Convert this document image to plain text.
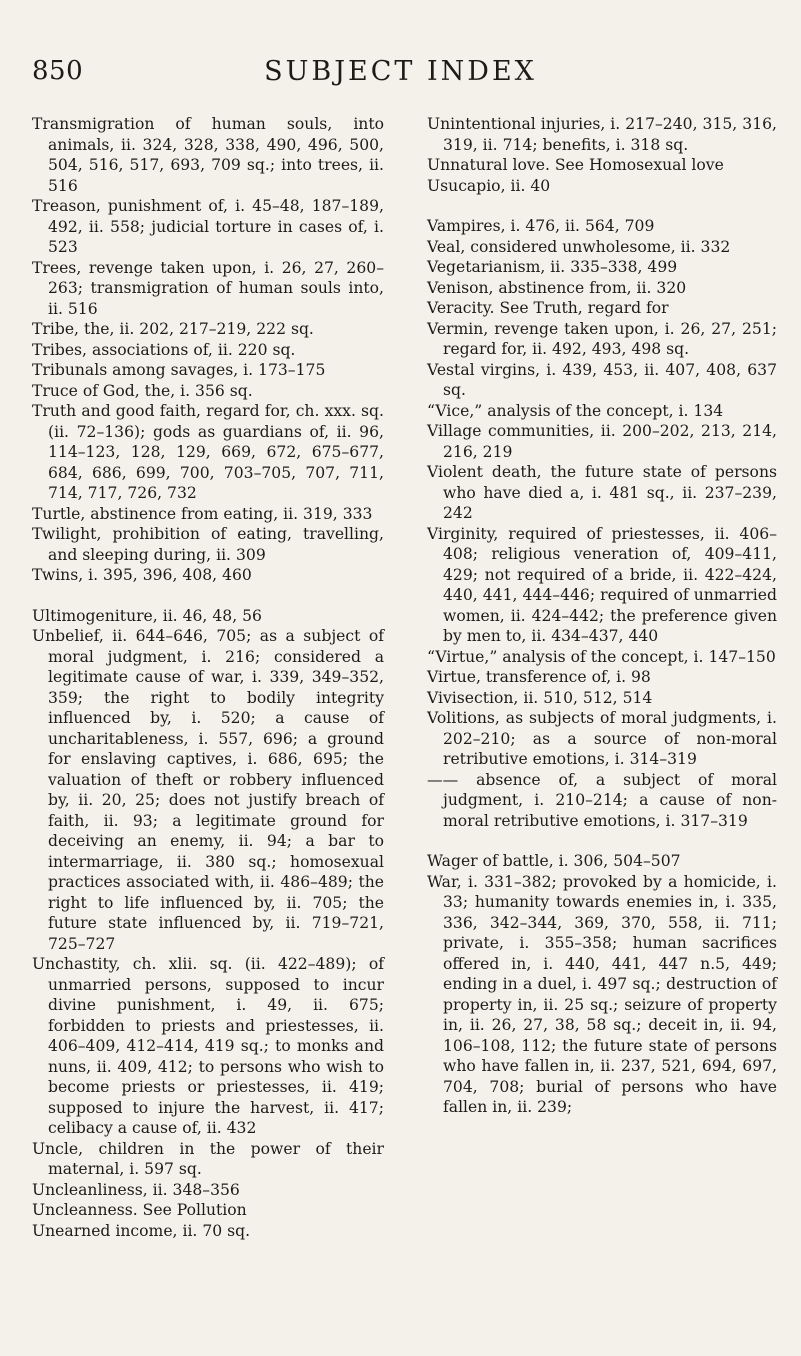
850	SUBJECT INDEX

Transmigration of human souls, into animals, ii. 324, 328, 338, 490, 496, 500, 504, 516, 517, 693, 709 sq.; into trees, ii. 516

Treason, punishment of, i. 45–48, 187–189, 492, ii. 558; judicial torture in cases of, i. 523

Trees, revenge taken upon, i. 26, 27, 260–263; transmigration of human souls into, ii. 516

Tribe, the, ii. 202, 217–219, 222 sq.

Tribes, associations of, ii. 220 sq.

Tribunals among savages, i. 173–175

Truce of God, the, i. 356 sq.

Truth and good faith, regard for, ch. xxx. sq. (ii. 72–136); gods as guardians of, ii. 96, 114–123, 128, 129, 669, 672, 675–677, 684, 686, 699, 700, 703–705, 707, 711, 714, 717, 726, 732

Turtle, abstinence from eating, ii. 319, 333

Twilight, prohibition of eating, travelling, and sleeping during, ii. 309

Twins, i. 395, 396, 408, 460

Ultimogeniture, ii. 46, 48, 56

Unbelief, ii. 644–646, 705; as a subject of moral judgment, i. 216; considered a legitimate cause of war, i. 339, 349–352, 359; the right to bodily integrity influenced by, i. 520; a cause of uncharitableness, i. 557, 696; a ground for enslaving captives, i. 686, 695; the valuation of theft or robbery influenced by, ii. 20, 25; does not justify breach of faith, ii. 93; a legitimate ground for deceiving an enemy, ii. 94; a bar to intermarriage, ii. 380 sq.; homosexual practices associated with, ii. 486–489; the right to life influenced by, ii. 705; the future state influenced by, ii. 719–721, 725–727

Unchastity, ch. xlii. sq. (ii. 422–489); of unmarried persons, supposed to incur divine punishment, i. 49, ii. 675; forbidden to priests and priestesses, ii. 406–409, 412–414, 419 sq.; to monks and nuns, ii. 409, 412; to persons who wish to become priests or priestesses, ii. 419; supposed to injure the harvest, ii. 417; celibacy a cause of, ii. 432

Uncle, children in the power of their maternal, i. 597 sq.

Uncleanliness, ii. 348–356

Uncleanness. See Pollution

Unearned income, ii. 70 sq.

Unintentional injuries, i. 217–240, 315, 316, 319, ii. 714; benefits, i. 318 sq.

Unnatural love. See Homosexual love

Usucapio, ii. 40

Vampires, i. 476, ii. 564, 709

Veal, considered unwholesome, ii. 332

Vegetarianism, ii. 335–338, 499

Venison, abstinence from, ii. 320

Veracity. See Truth, regard for

Vermin, revenge taken upon, i. 26, 27, 251; regard for, ii. 492, 493, 498 sq.

Vestal virgins, i. 439, 453, ii. 407, 408, 637 sq.

“Vice,” analysis of the concept, i. 134

Village communities, ii. 200–202, 213, 214, 216, 219

Violent death, the future state of persons who have died a, i. 481 sq., ii. 237–239, 242

Virginity, required of priestesses, ii. 406–408; religious veneration of, 409–411, 429; not required of a bride, ii. 422–424, 440, 441, 444–446; required of unmarried women, ii. 424–442; the preference given by men to, ii. 434–437, 440

“Virtue,” analysis of the concept, i. 147–150

Virtue, transference of, i. 98

Vivisection, ii. 510, 512, 514

Volitions, as subjects of moral judgments, i. 202–210; as a source of non-moral retributive emotions, i. 314–319

—— absence of, a subject of moral judgment, i. 210–214; a cause of non-moral retributive emotions, i. 317–319

Wager of battle, i. 306, 504–507

War, i. 331–382; provoked by a homicide, i. 33; humanity towards enemies in, i. 335, 336, 342–344, 369, 370, 558, ii. 711; private, i. 355–358; human sacrifices offered in, i. 440, 441, 447 n.5, 449; ending in a duel, i. 497 sq.; destruction of property in, ii. 25 sq.; seizure of property in, ii. 26, 27, 38, 58 sq.; deceit in, ii. 94, 106–108, 112; the future state of persons who have fallen in, ii. 237, 521, 694, 697, 704, 708; burial of persons who have fallen in, ii. 239;
